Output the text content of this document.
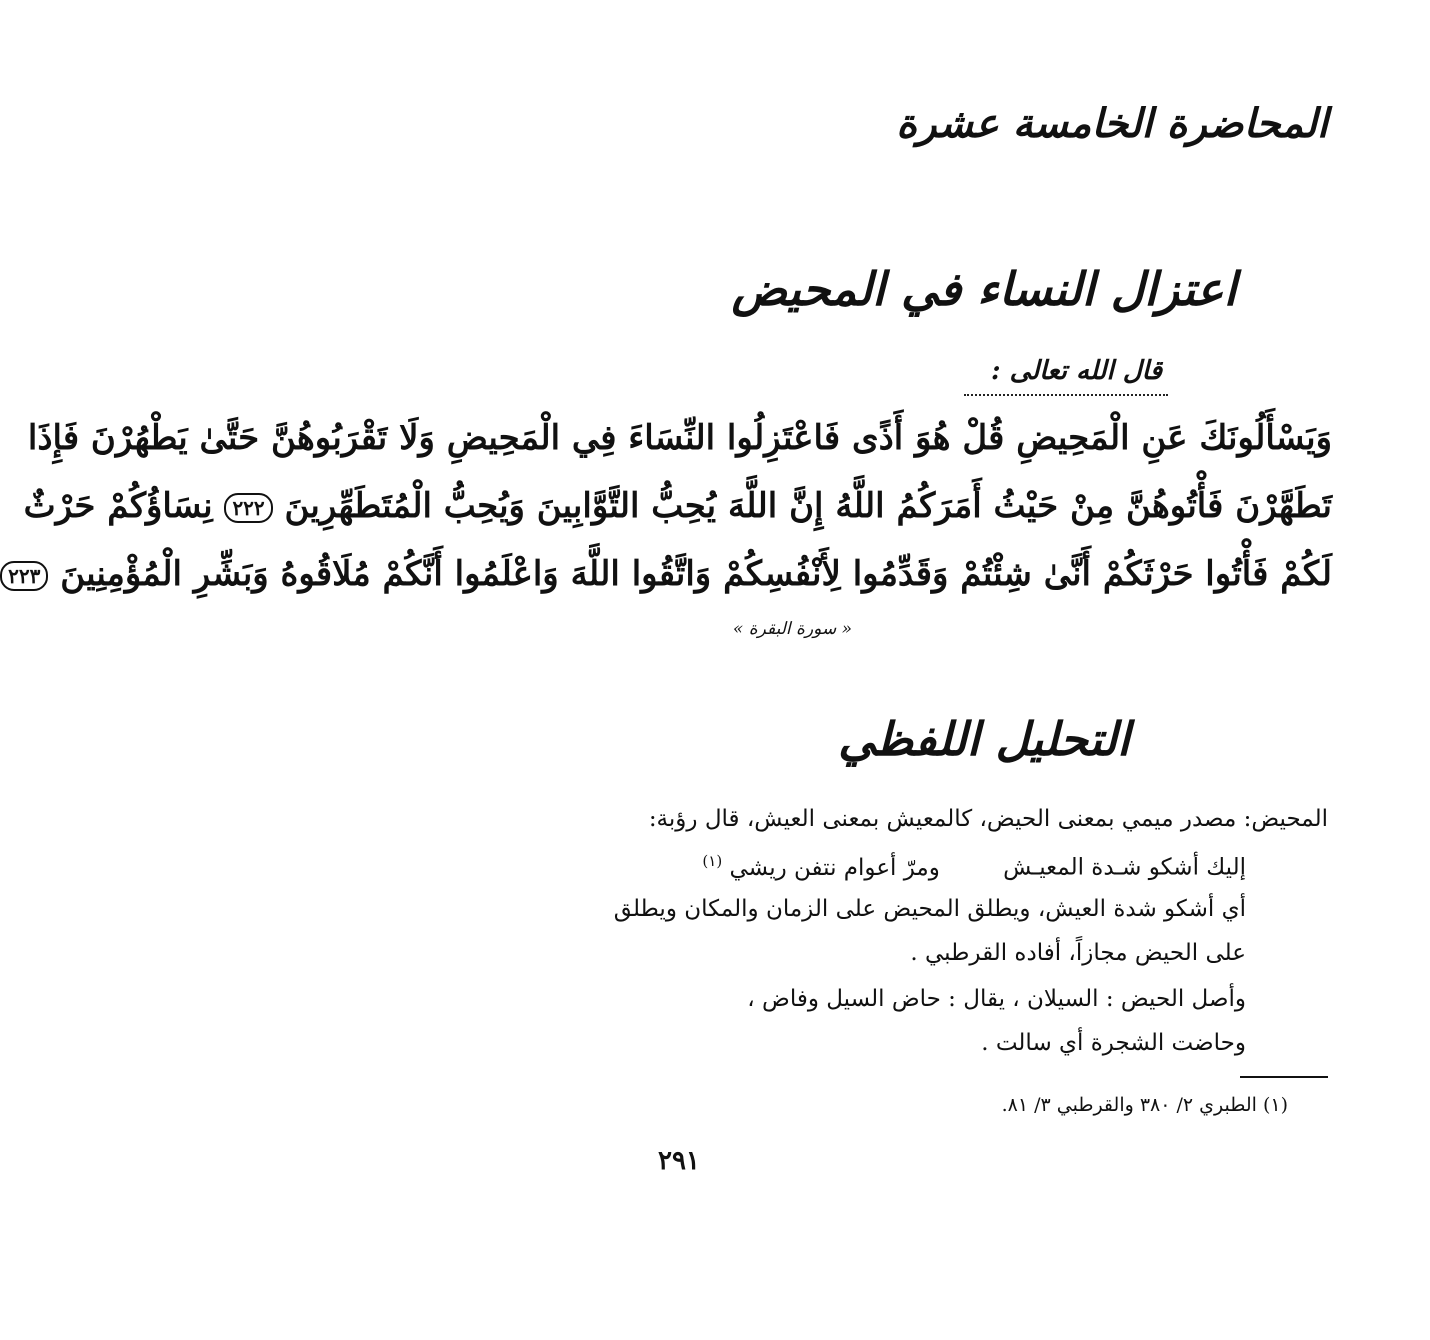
المحاضرة الخامسة عشرة
اعتزال النساء في المحيض
قال الله تعالى :
وَيَسْأَلُونَكَ عَنِ الْمَحِيضِ قُلْ هُوَ أَذًى فَاعْتَزِلُوا النِّسَاءَ فِي الْمَحِيضِ وَلَا تَقْرَبُوهُنَّ حَتَّىٰ يَطْهُرْنَ فَإِذَا
تَطَهَّرْنَ فَأْتُوهُنَّ مِنْ حَيْثُ أَمَرَكُمُ اللَّهُ إِنَّ اللَّهَ يُحِبُّ التَّوَّابِينَ وَيُحِبُّ الْمُتَطَهِّرِينَ ٢٢٢ نِسَاؤُكُمْ حَرْثٌ
لَكُمْ فَأْتُوا حَرْثَكُمْ أَنَّىٰ شِئْتُمْ وَقَدِّمُوا لِأَنْفُسِكُمْ وَاتَّقُوا اللَّهَ وَاعْلَمُوا أَنَّكُمْ مُلَاقُوهُ وَبَشِّرِ الْمُؤْمِنِينَ ٢٢٣
« سورة البقرة »
التحليل اللفظي
المحيض: مصدر ميمي بمعنى الحيض، كالمعيش بمعنى العيش، قال رؤبة:
إليك أشكو شـدة المعيـش ومرّ أعوام نتفن ريشي $^{(١)}$
أي أشكو شدة العيش، ويطلق المحيض على الزمان والمكان ويطلق
على الحيض مجازاً، أفاده القرطبي .
وأصل الحيض : السيلان ، يقال : حاض السيل وفاض ،
وحاضت الشجرة أي سالت .
(١) الطبري ٢/ ٣٨٠ والقرطبي ٣/ ٨١.
٢٩١
